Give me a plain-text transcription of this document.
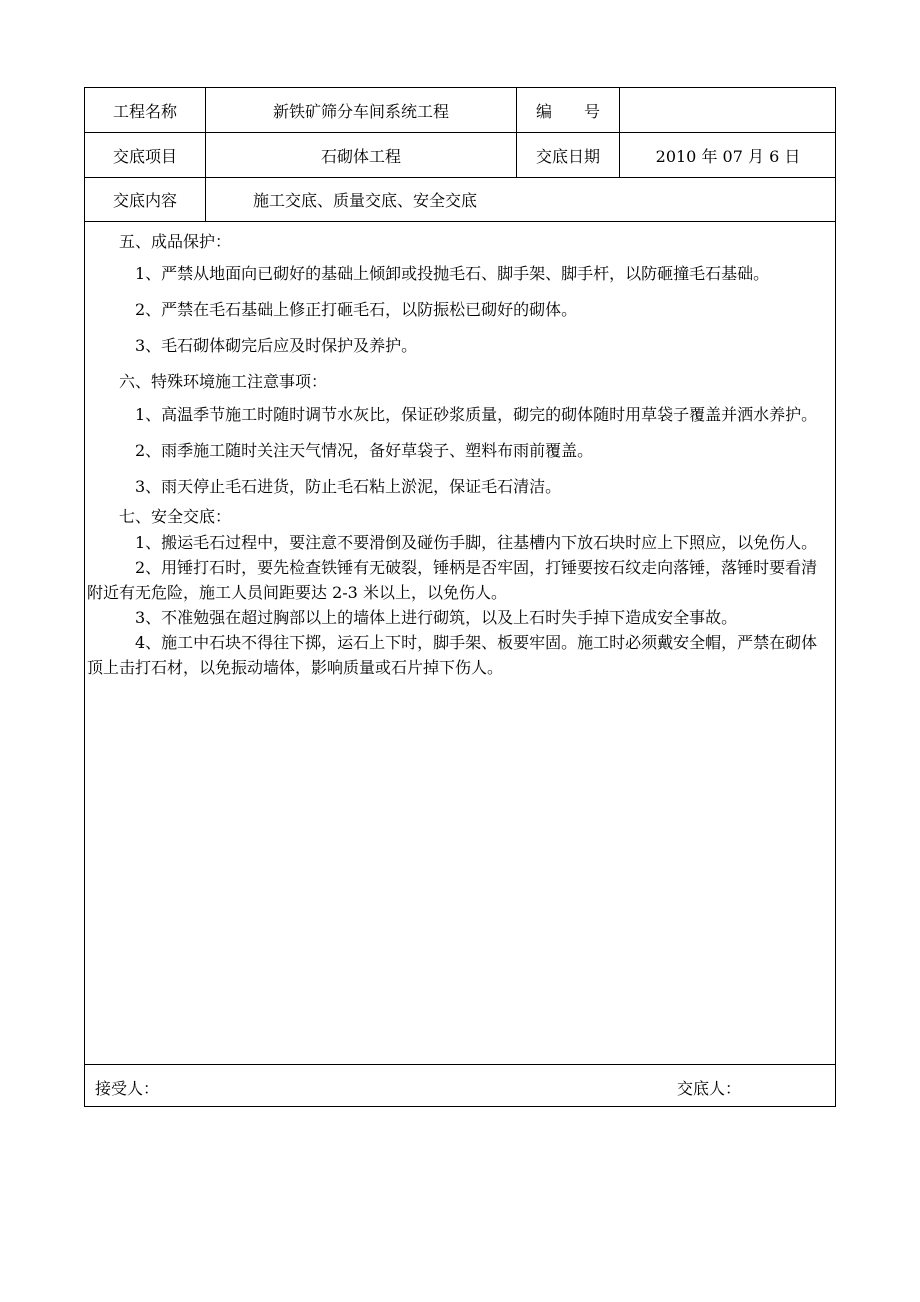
工程名称	新铁矿筛分车间系统工程	编 号
交底项目	石砌体工程	交底日期	2010 年 07 月 6 日
交底内容	施工交底、质量交底、安全交底

五、成品保护：

1、严禁从地面向已砌好的基础上倾卸或投抛毛石、脚手架、脚手杆，以防砸撞毛石基础。

2、严禁在毛石基础上修正打砸毛石，以防振松已砌好的砌体。

3、毛石砌体砌完后应及时保护及养护。

六、特殊环境施工注意事项：

1、高温季节施工时随时调节水灰比，保证砂浆质量，砌完的砌体随时用草袋子覆盖并洒水养护。

2、雨季施工随时关注天气情况，备好草袋子、塑料布雨前覆盖。

3、雨天停止毛石进货，防止毛石粘上淤泥，保证毛石清洁。

七、安全交底：

1、搬运毛石过程中，要注意不要滑倒及碰伤手脚，往基槽内下放石块时应上下照应，以免伤人。

2、用锤打石时，要先检查铁锤有无破裂，锤柄是否牢固，打锤要按石纹走向落锤，落锤时要看清附近有无危险，施工人员间距要达 2-3 米以上，以免伤人。

3、不准勉强在超过胸部以上的墙体上进行砌筑，以及上石时失手掉下造成安全事故。

4、施工中石块不得往下掷，运石上下时，脚手架、板要牢固。施工时必须戴安全帽，严禁在砌体顶上击打石材，以免振动墙体，影响质量或石片掉下伤人。

接受人：	交底人：
